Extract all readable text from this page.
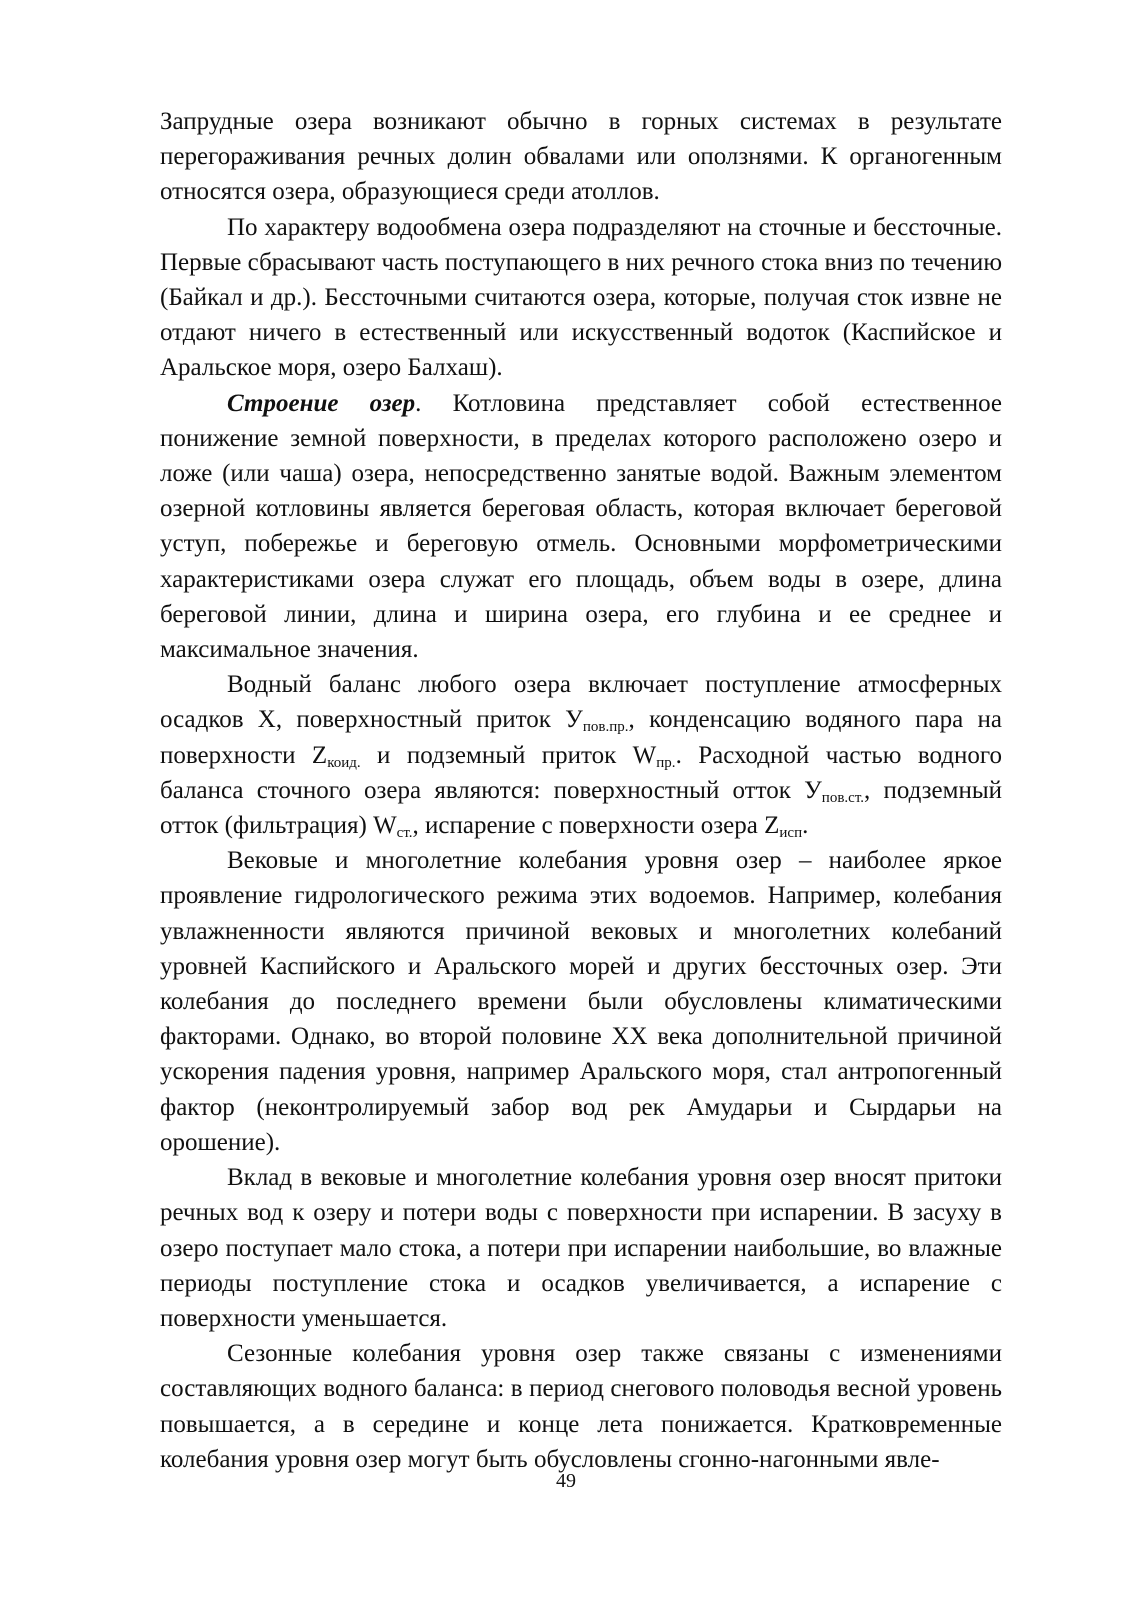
Запрудные озера возникают обычно в горных системах в результате перегораживания речных долин обвалами или оползнями. К органогенным относятся озера, образующиеся среди атоллов.

По характеру водообмена озера подразделяют на сточные и бессточные. Первые сбрасывают часть поступающего в них речного стока вниз по течению (Байкал и др.). Бессточными считаются озера, которые, получая сток извне не отдают ничего в естественный или искусственный водоток (Каспийское и Аральское моря, озеро Балхаш).

Строение озер. Котловина представляет собой естественное понижение земной поверхности, в пределах которого расположено озеро и ложе (или чаша) озера, непосредственно занятые водой. Важным элементом озерной котловины является береговая область, которая включает береговой уступ, побережье и береговую отмель. Основными морфометрическими характеристиками озера служат его площадь, объем воды в озере, длина береговой линии, длина и ширина озера, его глубина и ее среднее и максимальное значения.

Водный баланс любого озера включает поступление атмосферных осадков X, поверхностный приток $У_{пов.пр.}$, конденсацию водяного пара на поверхности $Z_{коид.}$ и подземный приток $W_{пр.}$. Расходной частью водного баланса сточного озера являются: поверхностный отток $У_{пов.ст.}$, подземный отток (фильтрация) $W_{ст.}$, испарение с поверхности озера $Z_{исп}$.

Вековые и многолетние колебания уровня озер – наиболее яркое проявление гидрологического режима этих водоемов. Например, колебания увлажненности являются причиной вековых и многолетних колебаний уровней Каспийского и Аральского морей и других бессточных озер. Эти колебания до последнего времени были обусловлены климатическими факторами. Однако, во второй половине XX века дополнительной причиной ускорения падения уровня, например Аральского моря, стал антропогенный фактор (неконтролируемый забор вод рек Амударьи и Сырдарьи на орошение).

Вклад в вековые и многолетние колебания уровня озер вносят притоки речных вод к озеру и потери воды с поверхности при испарении. В засуху в озеро поступает мало стока, а потери при испарении наибольшие, во влажные периоды поступление стока и осадков увеличивается, а испарение с поверхности уменьшается.

Сезонные колебания уровня озер также связаны с изменениями составляющих водного баланса: в период снегового половодья весной уровень повышается, а в середине и конце лета понижается. Кратковременные колебания уровня озер могут быть обусловлены сгонно-нагонными явле-

49
